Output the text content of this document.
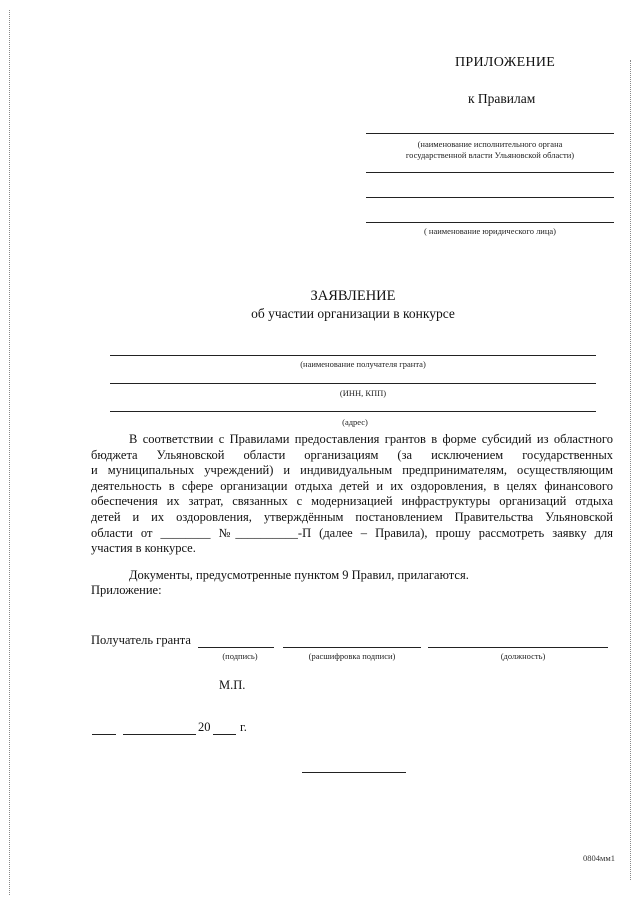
ПРИЛОЖЕНИЕ
к Правилам
(наименование исполнительного органа
государственной власти Ульяновской области)
( наименование юридического лица)
ЗАЯВЛЕНИЕ
об участии организации в конкурсе
(наименование получателя гранта)
(ИНН, КПП)
(адрес)
В соответствии с Правилами предоставления грантов в форме субсидий из областного
бюджета Ульяновской области организациям (за исключением государственных
и муниципальных учреждений) и индивидуальным предпринимателям, осуществляющим
деятельность в сфере организации отдыха детей и их оздоровления, в целях финансового
обеспечения их затрат, связанных с модернизацией инфраструктуры организаций отдыха
детей и их оздоровления, утверждённым постановлением Правительства Ульяновской
области от ________ №__________-П (далее – Правила), прошу рассмотреть заявку для
участия в конкурсе.
Документы, предусмотренные пунктом 9 Правил, прилагаются.
Приложение:
Получатель гранта
(подпись)	(расшифровка подписи)	(должность)
М.П.
20 г.
0804мм1
